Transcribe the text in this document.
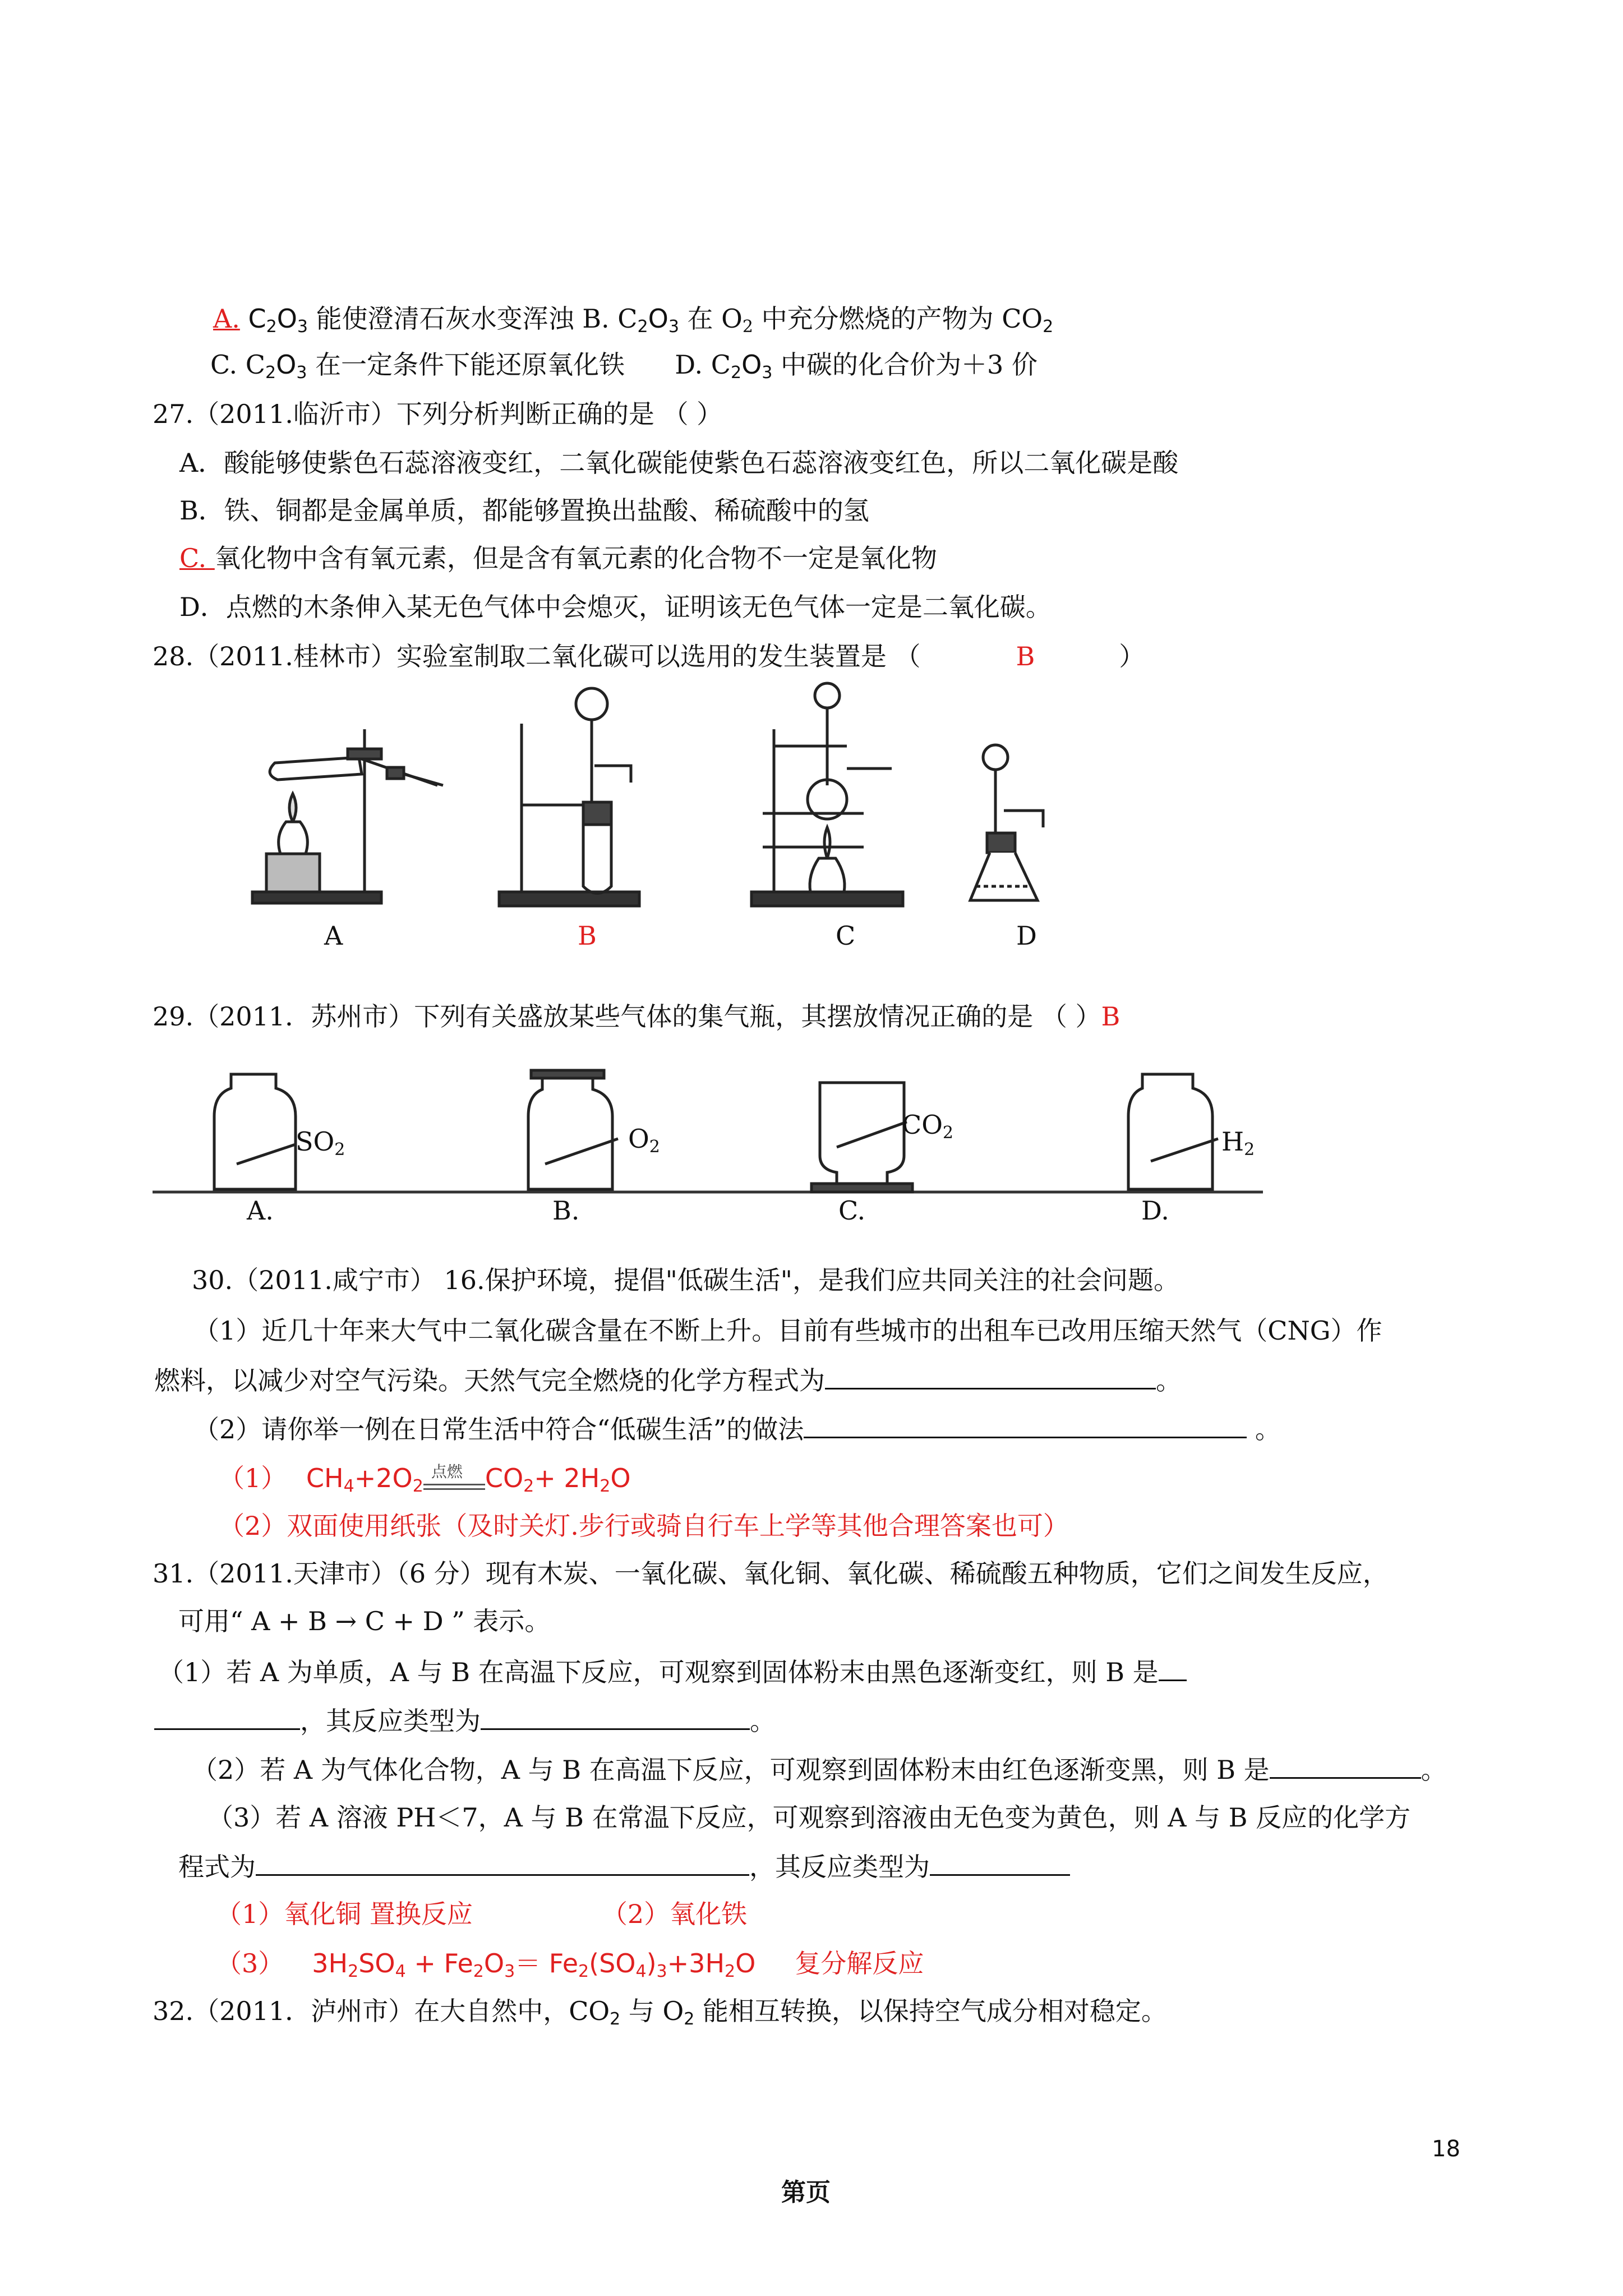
A. $C_2O_3$ 能使澄清石灰水变浑浊 B. $C_2O_3$ 在 $O_2$ 中充分燃烧的产物为 $CO_2$
C. $C_2O_3$ 在一定条件下能还原氧化铁 D. $C_2O_3$ 中碳的化合价为＋3 价
27.（2011.临沂市）下列分析判断正确的是 （ ）
A．酸能够使紫色石蕊溶液变红，二氧化碳能使紫色石蕊溶液变红色，所以二氧化碳是酸
B．铁、铜都是金属单质，都能够置换出盐酸、稀硫酸中的氢
C. 氧化物中含有氧元素，但是含有氧元素的化合物不一定是氧化物
D．点燃的木条伸入某无色气体中会熄灭，证明该无色气体一定是二氧化碳。
28.（2011.桂林市）实验室制取二氧化碳可以选用的发生装置是 （	B	）
A	B	C	D
29.（2011．苏州市）下列有关盛放某些气体的集气瓶，其摆放情况正确的是 （ ）B
$SO_2$	$O_2$
$CO_2$	$H_2$
A.	B.	C.	D.
30.（2011.咸宁市） 16.保护环境，提倡"低碳生活"，是我们应共同关注的社会问题。
（1）近几十年来大气中二氧化碳含量在不断上升。目前有些城市的出租车已改用压缩天然气（CNG）作
燃料，以减少对空气污染。天然气完全燃烧的化学方程式为	。
（2）请你举一例在日常生活中符合“低碳生活”的做法	。
（1） $CH_4+2O_2$
点燃 $CO_2+ 2H_2O$
（2）双面使用纸张（及时关灯.步行或骑自行车上学等其他合理答案也可）
31.（2011.天津市）（6 分）现有木炭、一氧化碳、氧化铜、氧化碳、稀硫酸五种物质，它们之间发生反应，
可用“ A + B → C + D ” 表示。
（1）若 A 为单质，A 与 B 在高温下反应，可观察到固体粉末由黑色逐渐变红，则 B 是
，其反应类型为	。
（2）若 A 为气体化合物，A 与 B 在高温下反应，可观察到固体粉末由红色逐渐变黑，则 B 是	。
（3）若 A 溶液 PH＜7，A 与 B 在常温下反应，可观察到溶液由无色变为黄色，则 A 与 B 反应的化学方
程式为	，其反应类型为
（1）氧化铜 置换反应	（2）氧化铁
（3） $3H_2SO_4 + Fe_2O_3= Fe_2(SO_4)_3+3H_2O$ 复分解反应
32.（2011．泸州市）在大自然中，$CO_2$ 与 $O_2$ 能相互转换，以保持空气成分相对稳定。
18
第页
